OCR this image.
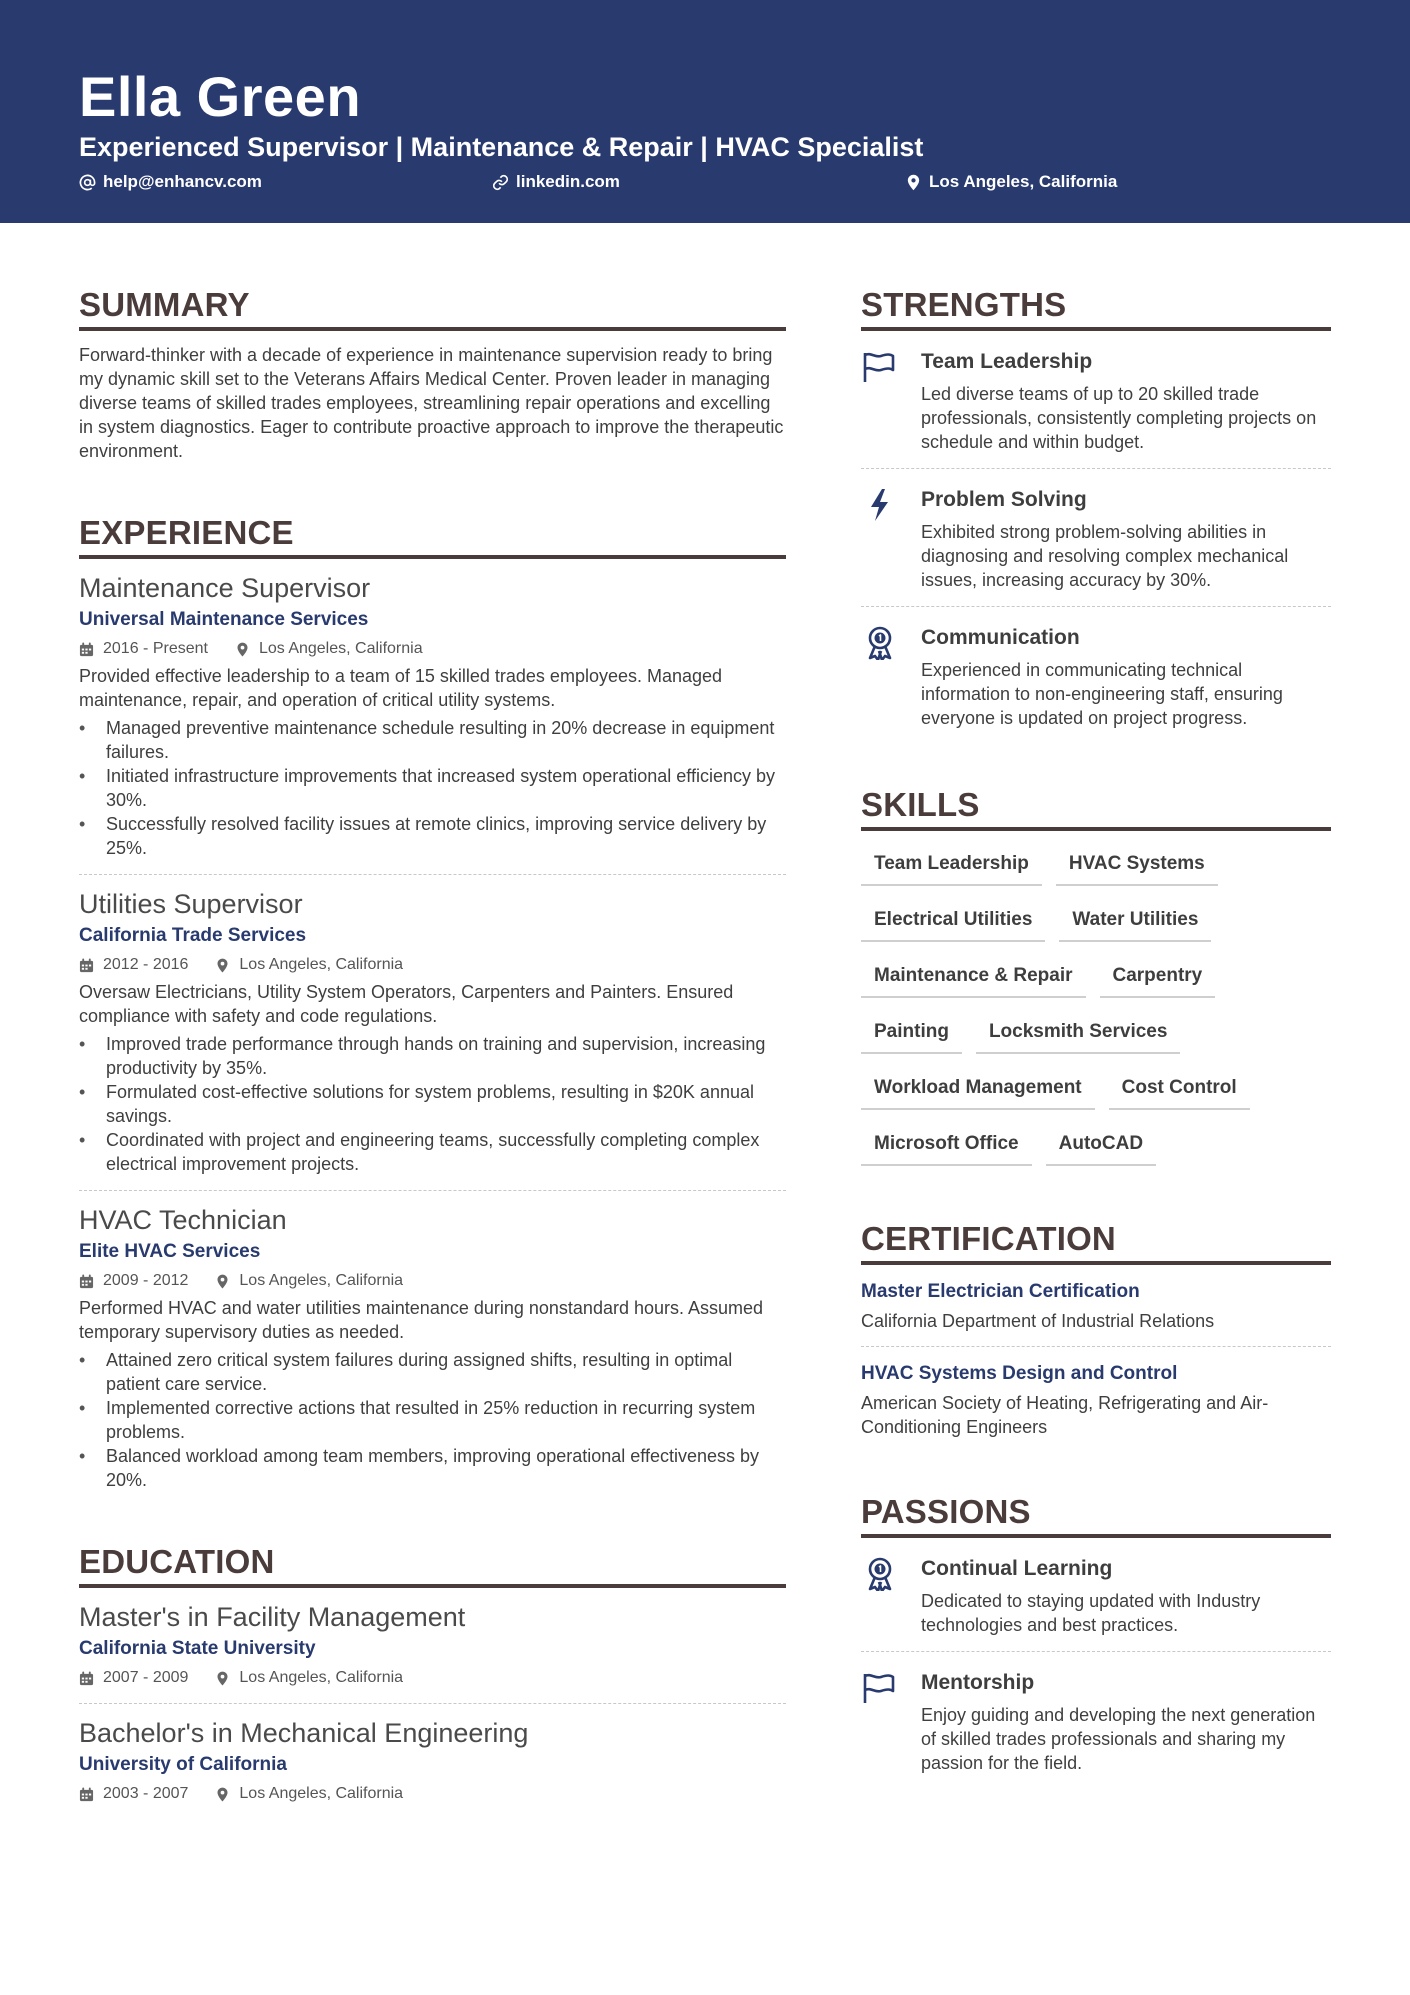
Ella Green
Experienced Supervisor | Maintenance & Repair | HVAC Specialist
help@enhancv.com	linkedin.com	Los Angeles, California
SUMMARY
Forward-thinker with a decade of experience in maintenance supervision ready to bring my dynamic skill set to the Veterans Affairs Medical Center. Proven leader in managing diverse teams of skilled trades employees, streamlining repair operations and excelling in system diagnostics. Eager to contribute proactive approach to improve the therapeutic environment.
EXPERIENCE
Maintenance Supervisor
Universal Maintenance Services
2016 - Present	Los Angeles, California
Provided effective leadership to a team of 15 skilled trades employees. Managed maintenance, repair, and operation of critical utility systems.
• Managed preventive maintenance schedule resulting in 20% decrease in equipment failures.
• Initiated infrastructure improvements that increased system operational efficiency by 30%.
• Successfully resolved facility issues at remote clinics, improving service delivery by 25%.
Utilities Supervisor
California Trade Services
2012 - 2016	Los Angeles, California
Oversaw Electricians, Utility System Operators, Carpenters and Painters. Ensured compliance with safety and code regulations.
• Improved trade performance through hands on training and supervision, increasing productivity by 35%.
• Formulated cost-effective solutions for system problems, resulting in $20K annual savings.
• Coordinated with project and engineering teams, successfully completing complex electrical improvement projects.
HVAC Technician
Elite HVAC Services
2009 - 2012	Los Angeles, California
Performed HVAC and water utilities maintenance during nonstandard hours. Assumed temporary supervisory duties as needed.
• Attained zero critical system failures during assigned shifts, resulting in optimal patient care service.
• Implemented corrective actions that resulted in 25% reduction in recurring system problems.
• Balanced workload among team members, improving operational effectiveness by 20%.
EDUCATION
Master's in Facility Management
California State University
2007 - 2009	Los Angeles, California
Bachelor's in Mechanical Engineering
University of California
2003 - 2007	Los Angeles, California
STRENGTHS
Team Leadership
Led diverse teams of up to 20 skilled trade professionals, consistently completing projects on schedule and within budget.
Problem Solving
Exhibited strong problem-solving abilities in diagnosing and resolving complex mechanical issues, increasing accuracy by 30%.
Communication
Experienced in communicating technical information to non-engineering staff, ensuring everyone is updated on project progress.
SKILLS
Team Leadership	HVAC Systems
Electrical Utilities	Water Utilities
Maintenance & Repair	Carpentry
Painting	Locksmith Services
Workload Management	Cost Control
Microsoft Office	AutoCAD
CERTIFICATION
Master Electrician Certification
California Department of Industrial Relations
HVAC Systems Design and Control
American Society of Heating, Refrigerating and Air-Conditioning Engineers
PASSIONS
Continual Learning
Dedicated to staying updated with Industry technologies and best practices.
Mentorship
Enjoy guiding and developing the next generation of skilled trades professionals and sharing my passion for the field.
